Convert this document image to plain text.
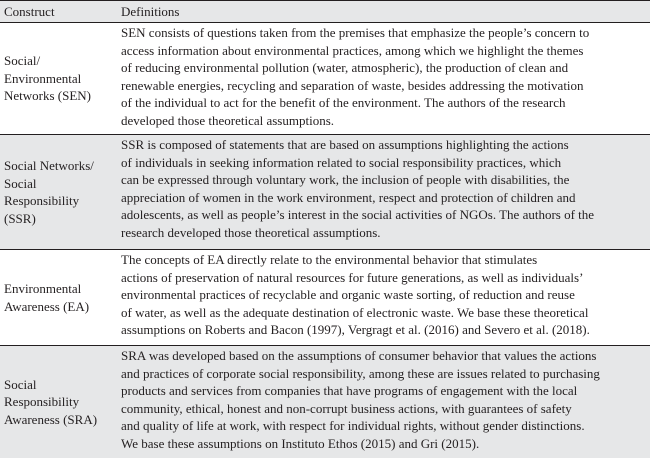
Construct	Definitions
Social/
Environmental
Networks (SEN)
SEN consists of questions taken from the premises that emphasize the people’s concern to
access information about environmental practices, among which we highlight the themes
of reducing environmental pollution (water, atmospheric), the production of clean and
renewable energies, recycling and separation of waste, besides addressing the motivation
of the individual to act for the benefit of the environment. The authors of the research
developed those theoretical assumptions.
Social Networks/
Social
Responsibility
(SSR)
SSR is composed of statements that are based on assumptions highlighting the actions
of individuals in seeking information related to social responsibility practices, which
can be expressed through voluntary work, the inclusion of people with disabilities, the
appreciation of women in the work environment, respect and protection of children and
adolescents, as well as people’s interest in the social activities of NGOs. The authors of the
research developed those theoretical assumptions.
Environmental
Awareness (EA)
The concepts of EA directly relate to the environmental behavior that stimulates
actions of preservation of natural resources for future generations, as well as individuals’
environmental practices of recyclable and organic waste sorting, of reduction and reuse
of water, as well as the adequate destination of electronic waste. We base these theoretical
assumptions on Roberts and Bacon (1997), Vergragt et al. (2016) and Severo et al. (2018).
Social
Responsibility
Awareness (SRA)
SRA was developed based on the assumptions of consumer behavior that values the actions
and practices of corporate social responsibility, among these are issues related to purchasing
products and services from companies that have programs of engagement with the local
community, ethical, honest and non-corrupt business actions, with guarantees of safety
and quality of life at work, with respect for individual rights, without gender distinctions.
We base these assumptions on Instituto Ethos (2015) and Gri (2015).
